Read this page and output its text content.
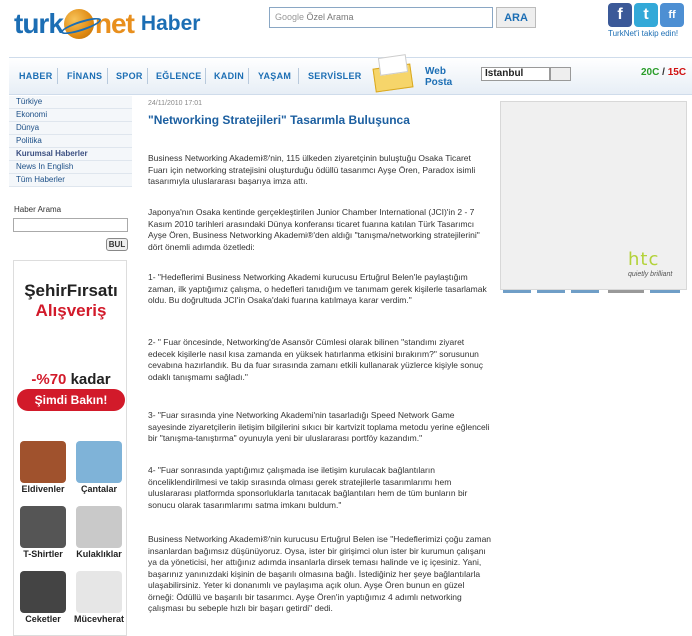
turk net Haber	Google Özel Arama	ARA	f	t	ff
TurkNet'i takip edin!
HABER FİNANS SPOR EĞLENCE KADIN YAŞAM SERVİSLER	Web
Posta
Istanbul	20C / 15C
Türkiye
Ekonomi
Dünya
Politika
Kurumsal Haberler
News In English
Tüm Haberler
Haber Arama
BUL
ŞehirFırsatı
Alışveriş
-%70 kadar
Şimdi Bakın!
Eldivenler	Çantalar
T-Shirtler	Kulaklıklar
Ceketler	Mücevherat
24/11/2010 17:01
"Networking Stratejileri" Tasarımla Buluşunca
Business Networking Akademi®'nin, 115 ülkeden ziyaretçinin buluştuğu Osaka Ticaret Fuarı için networking stratejisini oluşturduğu ödüllü tasarımcı Ayşe Ören, Paradox isimli tasarımıyla uluslararası başarıya imza attı.
Japonya'nın Osaka kentinde gerçekleştirilen Junior Chamber International (JCI)'in 2 - 7 Kasım 2010 tarihleri arasındaki Dünya konferansı ticaret fuarına katılan Türk Tasarımcı Ayşe Ören, Business Networking Akademi®'den aldığı "tanışma/networking stratejilerini" dört önemli adımda özetledi:
1- "Hedeflerimi Business Networking Akademi kurucusu Ertuğrul Belen'le paylaştığım zaman, ilk yaptığımız çalışma, o hedefleri tanıdığım ve tanımam gerek kişilerle tasarlamak oldu. Bu doğrultuda JCI'in Osaka'daki fuarına katılmaya karar verdim."
2- " Fuar öncesinde, Networking'de Asansör Cümlesi olarak bilinen "standımı ziyaret edecek kişilerle nasıl kısa zamanda en yüksek hatırlanma etkisini bırakırım?" sorusunun cevabına hazırlandık. Bu da fuar sırasında zamanı etkili kullanarak yüzlerce kişiyle sonuç odaklı tanışmamı sağladı."
3- "Fuar sırasında yine Networking Akademi'nin tasarladığı Speed Network Game sayesinde ziyaretçilerin iletişim bilgilerini sıkıcı bir kartvizit toplama metodu yerine eğlenceli bir "tanışma-tanıştırma" oyunuyla yeni bir uluslararası portföy kazandım."
4- "Fuar sonrasında yaptığımız çalışmada ise iletişim kurulacak bağlantıların önceliklendirilmesi ve takip sırasında olması gerek stratejilerle tasarımlarımı hem uluslararası platformda sponsorluklarla tanıtacak bağlantıları hem de tüm bunların bir sonucu olarak tasarımlarımı satma imkanı buldum."
Business Networking Akademi®'nin kurucusu Ertuğrul Belen ise "Hedeflerimizi çoğu zaman insanlardan bağımsız düşünüyoruz. Oysa, ister bir girişimci olun ister bir kurumun çalışanı ya da yöneticisi, her attığınız adımda insanlarla dirsek teması halinde ve iç içesiniz. Yani, başarınız yanınızdaki kişinin de başarılı olmasına bağlı. İstediğiniz her şeye bağlantılarla ulaşabilirsiniz. Yeter ki donanımlı ve paylaşıma açık olun. Ayşe Ören bunun en güzel örneği: Ödüllü ve başarılı bir tasarımcı. Ayşe Ören'in yaptığımız 4 adımlı networking çalışması bu sebeple hızlı bir başarı getirdi" dedi.
htc
quietly brilliant
